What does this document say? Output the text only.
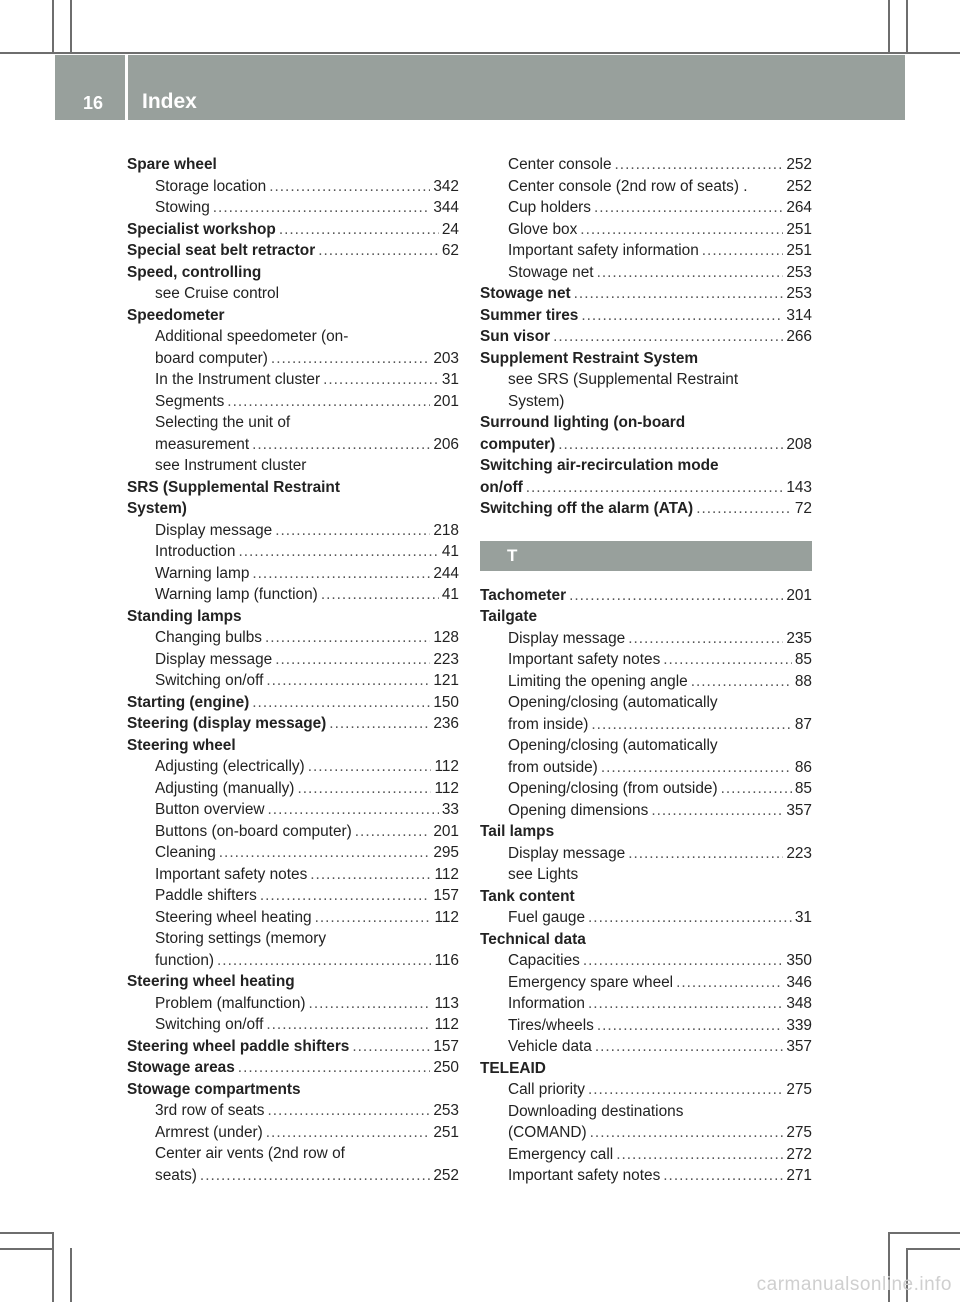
16 Index
Spare wheel
Storage location .....	342
Stowing .....	344
Specialist workshop .....	24
Special seat belt retractor .....	62
Speed, controlling
see Cruise control
Speedometer
Additional speedometer (on-
board computer) .....	203
In the Instrument cluster .....	31
Segments .....	201
Selecting the unit of
measurement .....	206
see Instrument cluster
SRS (Supplemental Restraint
System)
Display message .....	218
Introduction .....	41
Warning lamp .....	244
Warning lamp (function) .....	41
Standing lamps
Changing bulbs .....	128
Display message .....	223
Switching on/off .....	121
Starting (engine) .....	150
Steering (display message) .....	236
Steering wheel
Adjusting (electrically) .....	112
Adjusting (manually) .....	112
Button overview .....	33
Buttons (on-board computer) .....	201
Cleaning .....	295
Important safety notes .....	112
Paddle shifters .....	157
Steering wheel heating .....	112
Storing settings (memory
function) .....	116
Steering wheel heating
Problem (malfunction) .....	113
Switching on/off .....	112
Steering wheel paddle shifters .....	157
Stowage areas .....	250
Stowage compartments
3rd row of seats .....	253
Armrest (under) .....	251
Center air vents (2nd row of
seats) .....	252
Center console .....	252
Center console (2nd row of seats) .	252
Cup holders .....	264
Glove box .....	251
Important safety information .....	251
Stowage net .....	253
Stowage net .....	253
Summer tires .....	314
Sun visor .....	266
Supplement Restraint System
see SRS (Supplemental Restraint
System)
Surround lighting (on-board
computer) .....	208
Switching air-recirculation mode
on/off .....	143
Switching off the alarm (ATA) .....	72
T
Tachometer .....	201
Tailgate
Display message .....	235
Important safety notes .....	85
Limiting the opening angle .....	88
Opening/closing (automatically
from inside) .....	87
Opening/closing (automatically
from outside) .....	86
Opening/closing (from outside) .....	85
Opening dimensions .....	357
Tail lamps
Display message .....	223
see Lights
Tank content
Fuel gauge .....	31
Technical data
Capacities .....	350
Emergency spare wheel .....	346
Information .....	348
Tires/wheels .....	339
Vehicle data .....	357
TELEAID
Call priority .....	275
Downloading destinations
(COMAND) .....	275
Emergency call .....	272
Important safety notes .....	271
carmanualsonline.info
